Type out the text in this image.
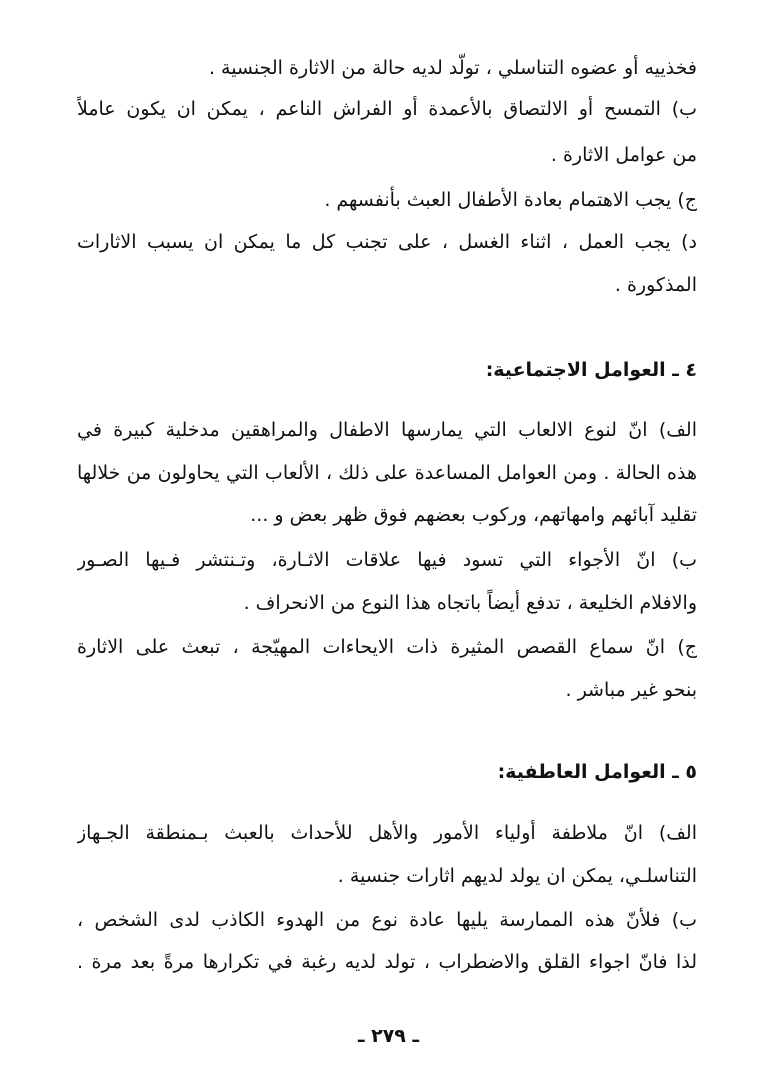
فخذييه أو عضوه التناسلي ، تولّد لديه حالة من الاثارة الجنسية .
ب) التمسح أو الالتصاق بالأعمدة أو الفراش الناعم ، يمكن ان يكون عاملاً
من عوامل الاثارة .
ج) يجب الاهتمام بعادة الأطفال العبث بأنفسهم .
د) يجب العمل ، اثناء الغسل ، على تجنب كل ما يمكن ان يسبب الاثارات
المذكورة .
٤ ـ العوامل الاجتماعية:
الف) انّ لنوع الالعاب التي يمارسها الاطفال والمراهقين مدخلية كبيرة في
هذه الحالة . ومن العوامل المساعدة على ذلك ، الألعاب التي يحاولون من خلالها
تقليد آبائهم وامهاتهم، وركوب بعضهم فوق ظهر بعض و ...
ب) انّ الأجواء التي تسود فيها علاقات الاثـارة، وتـنتشر فـيها الصـور
والافلام الخليعة ، تدفع أيضاً باتجاه هذا النوع من الانحراف .
ج) انّ سماع القصص المثيرة ذات الايحاءات المهيّجة ، تبعث على الاثارة
بنحو غير مباشر .
٥ ـ العوامل العاطفية:
الف) انّ ملاطفة أولياء الأمور والأهل للأحداث بالعبث بـمنطقة الجـهاز
التناسلـي، يمكن ان يولد لديهم اثارات جنسية .
ب) فلأنّ هذه الممارسة يليها عادة نوع من الهدوء الكاذب لدى الشخص ،
لذا فانّ اجواء القلق والاضطراب ، تولد لديه رغبة في تكرارها مرةً بعد مرة .
ـ ٢٧٩ ـ
